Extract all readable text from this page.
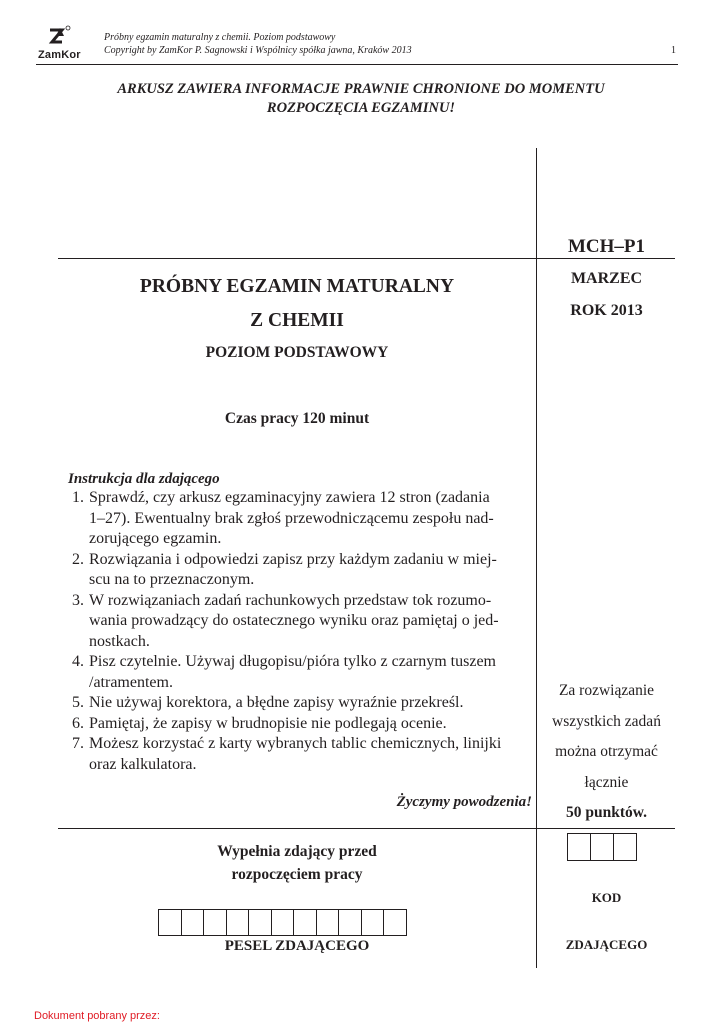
ZamKor
Próbny egzamin maturalny z chemii. Poziom podstawowy
Copyright by ZamKor P. Sagnowski i Wspólnicy spółka jawna, Kraków 2013	1
ARKUSZ ZAWIERA INFORMACJE PRAWNIE CHRONIONE DO MOMENTU
ROZPOCZĘCIA EGZAMINU!
MCH–P1
MARZEC
ROK 2013
Za rozwiązanie
wszystkich zadań
można otrzymać
łącznie
50 punktów.
PRÓBNY EGZAMIN MATURALNY
Z CHEMII
POZIOM PODSTAWOWY
Czas pracy 120 minut
Instrukcja dla zdającego
1. Sprawdź, czy arkusz egzaminacyjny zawiera 12 stron (zadania
1–27). Ewentualny brak zgłoś przewodniczącemu zespołu nad-
zorującego egzamin.
2. Rozwiązania i odpowiedzi zapisz przy każdym zadaniu w miej-
scu na to przeznaczonym.
3. W rozwiązaniach zadań rachunkowych przedstaw tok rozumo-
wania prowadzący do ostatecznego wyniku oraz pamiętaj o jed-
nostkach.
4. Pisz czytelnie. Używaj długopisu/pióra tylko z czarnym tuszem
/atramentem.
5. Nie używaj korektora, a błędne zapisy wyraźnie przekreśl.
6. Pamiętaj, że zapisy w brudnopisie nie podlegają ocenie.
7. Możesz korzystać z karty wybranych tablic chemicznych, linijki
oraz kalkulatora.
Życzymy powodzenia!
Wypełnia zdający przed
rozpoczęciem pracy
PESEL ZDAJĄCEGO
KOD
ZDAJĄCEGO
Dokument pobrany przez:
